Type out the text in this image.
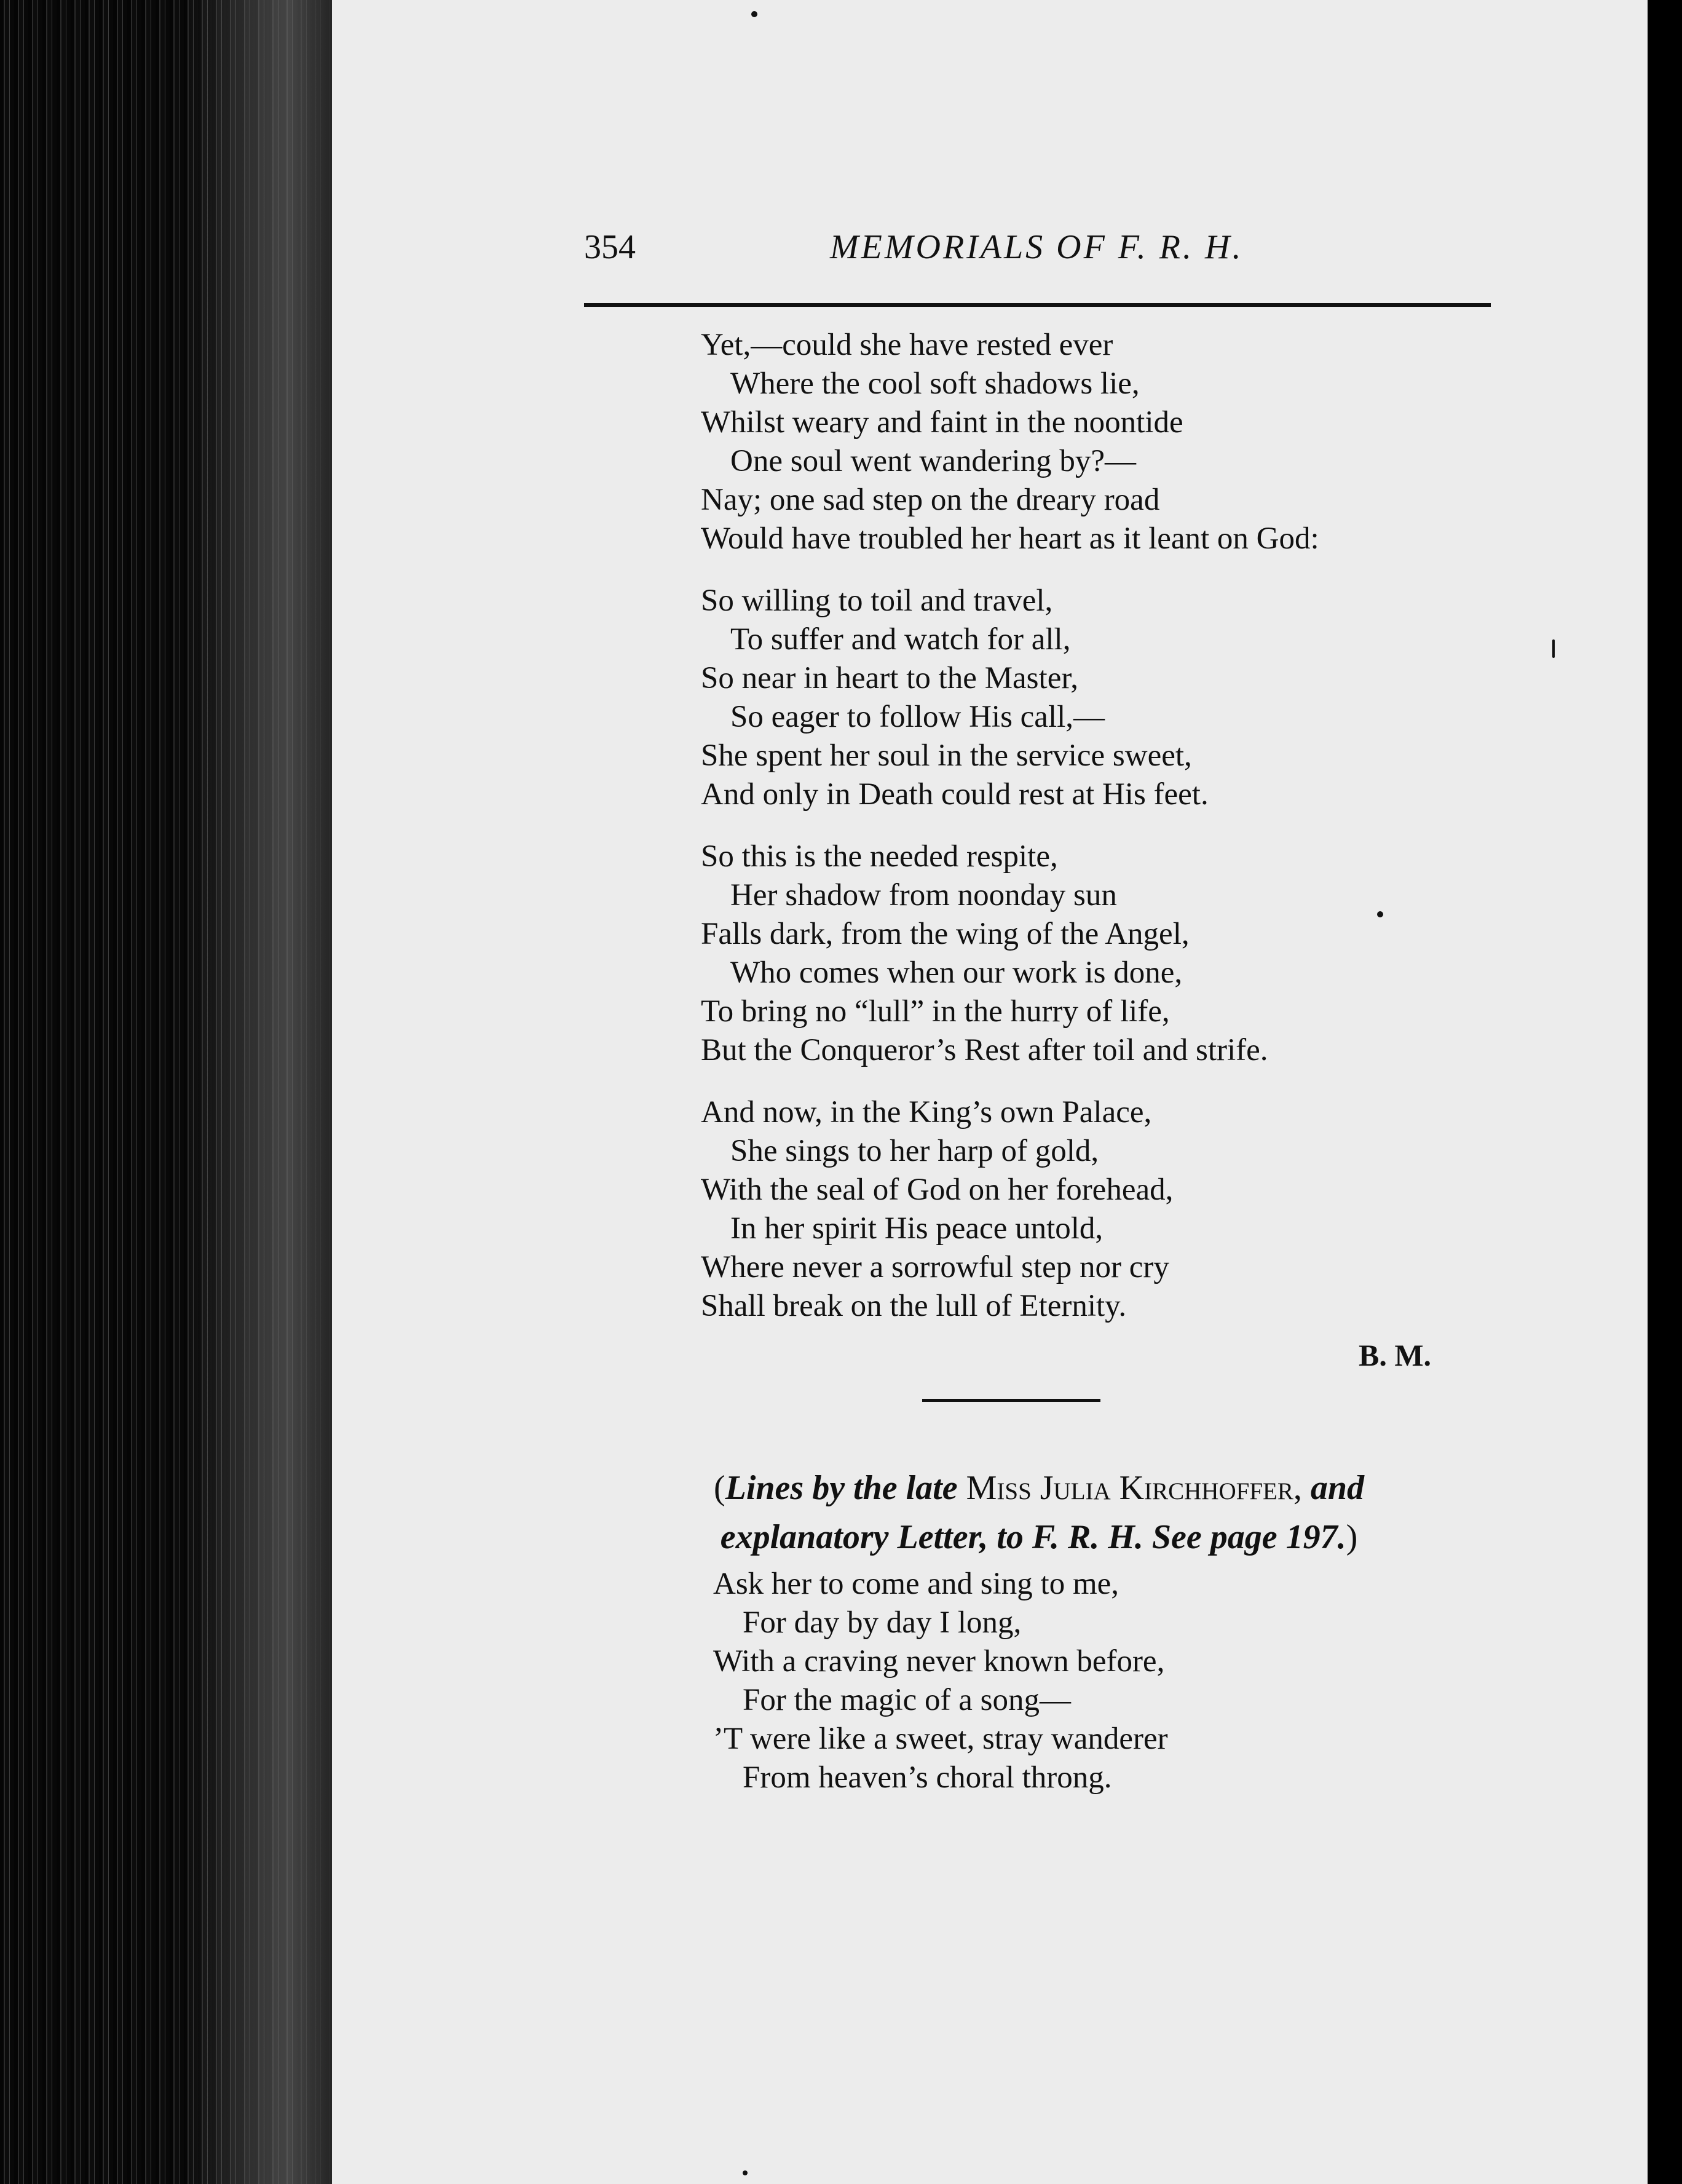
354	MEMORIALS OF F. R. H.
Yet,—could she have rested ever
Where the cool soft shadows lie,
Whilst weary and faint in the noontide
One soul went wandering by?—
Nay; one sad step on the dreary road
Would have troubled her heart as it leant on God:
So willing to toil and travel,
To suffer and watch for all,
So near in heart to the Master,
So eager to follow His call,—
She spent her soul in the service sweet,
And only in Death could rest at His feet.
So this is the needed respite,
Her shadow from noonday sun
Falls dark, from the wing of the Angel,
Who comes when our work is done,
To bring no “lull” in the hurry of life,
But the Conqueror’s Rest after toil and strife.
And now, in the King’s own Palace,
She sings to her harp of gold,
With the seal of God on her forehead,
In her spirit His peace untold,
Where never a sorrowful step nor cry
Shall break on the lull of Eternity.
B. M.
(Lines by the late Miss Julia Kirchhoffer, and
explanatory Letter, to F. R. H. See page 197.)
Ask her to come and sing to me,
For day by day I long,
With a craving never known before,
For the magic of a song—
’T were like a sweet, stray wanderer
From heaven’s choral throng.
